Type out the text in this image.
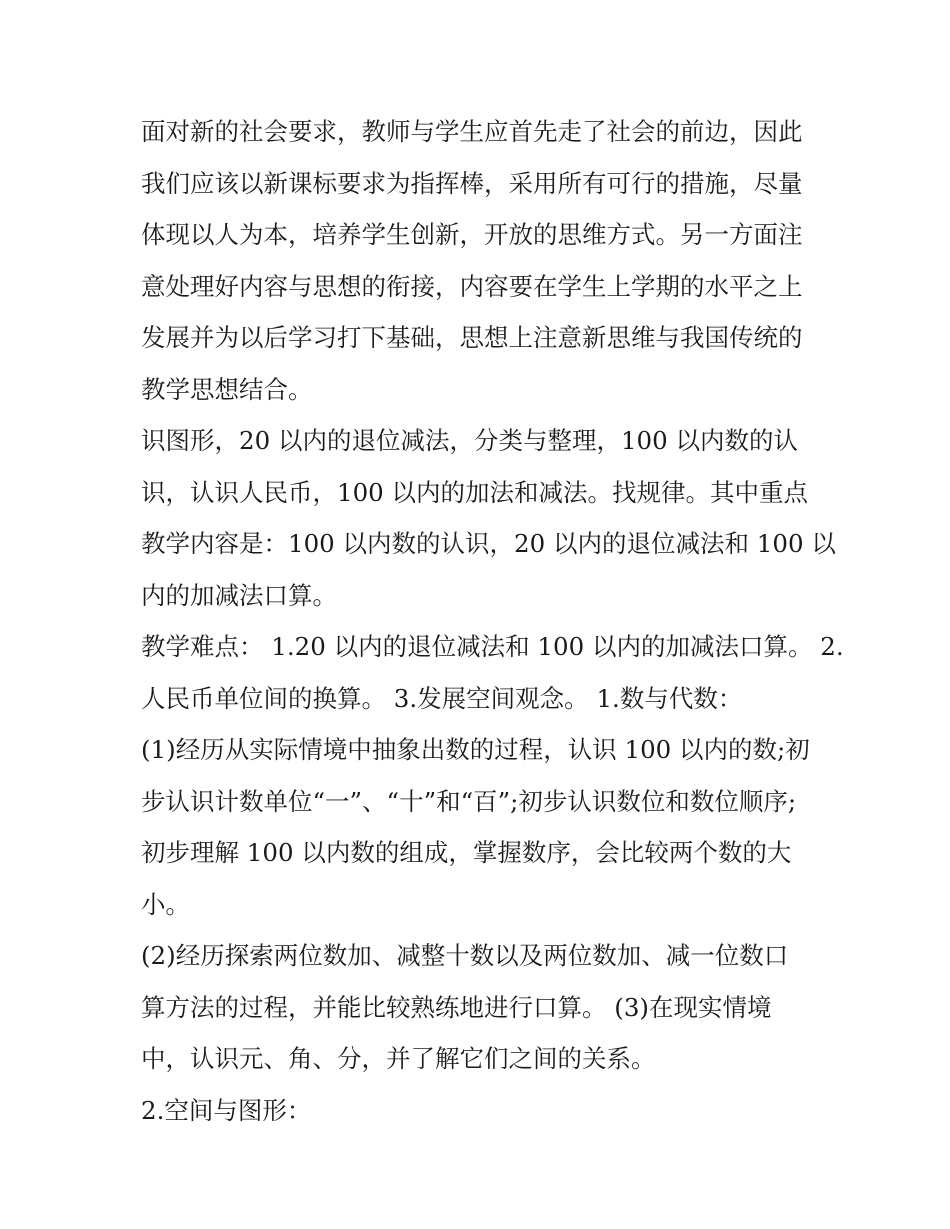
面对新的社会要求，教师与学生应首先走了社会的前边，因此
我们应该以新课标要求为指挥棒，采用所有可行的措施，尽量
体现以人为本，培养学生创新，开放的思维方式。另一方面注
意处理好内容与思想的衔接，内容要在学生上学期的水平之上
发展并为以后学习打下基础，思想上注意新思维与我国传统的
教学思想结合。
识图形，20 以内的退位减法，分类与整理，100 以内数的认
识，认识人民币，100 以内的加法和减法。找规律。其中重点
教学内容是：100 以内数的认识，20 以内的退位减法和 100 以
内的加减法口算。
教学难点： 1.20 以内的退位减法和 100 以内的加减法口算。 2.
人民币单位间的换算。 3.发展空间观念。 1.数与代数：
(1)经历从实际情境中抽象出数的过程，认识 100 以内的数;初
步认识计数单位“一”、“十”和“百”;初步认识数位和数位顺序;
初步理解 100 以内数的组成，掌握数序，会比较两个数的大
小。
(2)经历探索两位数加、减整十数以及两位数加、减一位数口
算方法的过程，并能比较熟练地进行口算。 (3)在现实情境
中，认识元、角、分，并了解它们之间的关系。
2.空间与图形：
